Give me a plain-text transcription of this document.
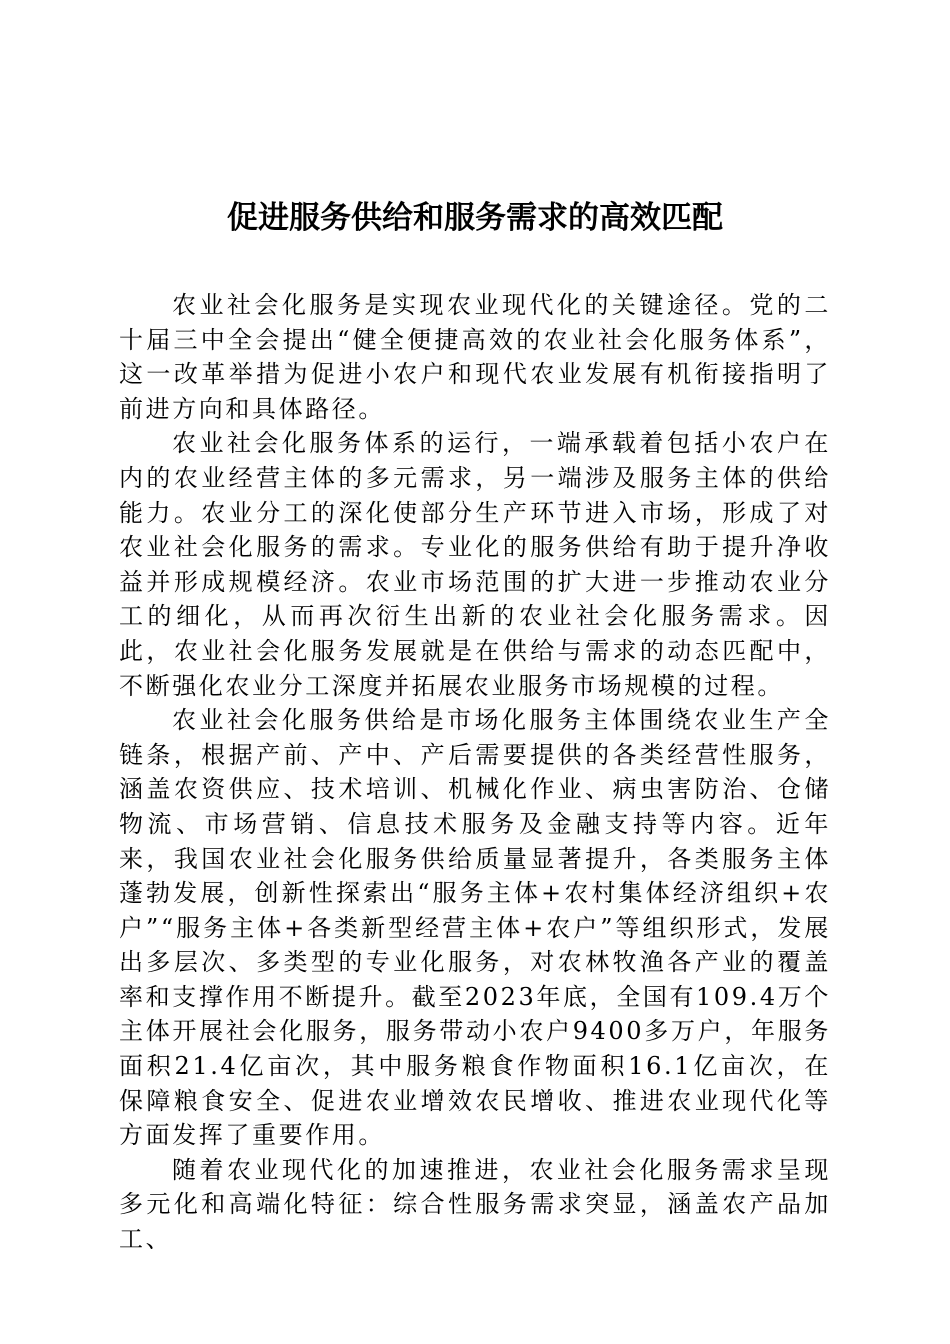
促进服务供给和服务需求的高效匹配

农业社会化服务是实现农业现代化的关键途径。党的二十届三中全会提出“健全便捷高效的农业社会化服务体系”，这一改革举措为促进小农户和现代农业发展有机衔接指明了前进方向和具体路径。

农业社会化服务体系的运行，一端承载着包括小农户在内的农业经营主体的多元需求，另一端涉及服务主体的供给能力。农业分工的深化使部分生产环节进入市场，形成了对农业社会化服务的需求。专业化的服务供给有助于提升净收益并形成规模经济。农业市场范围的扩大进一步推动农业分工的细化，从而再次衍生出新的农业社会化服务需求。因此，农业社会化服务发展就是在供给与需求的动态匹配中，不断强化农业分工深度并拓展农业服务市场规模的过程。

农业社会化服务供给是市场化服务主体围绕农业生产全链条，根据产前、产中、产后需要提供的各类经营性服务，涵盖农资供应、技术培训、机械化作业、病虫害防治、仓储物流、市场营销、信息技术服务及金融支持等内容。近年来，我国农业社会化服务供给质量显著提升，各类服务主体蓬勃发展，创新性探索出“服务主体+农村集体经济组织+农户”“服务主体+各类新型经营主体+农户”等组织形式，发展出多层次、多类型的专业化服务，对农林牧渔各产业的覆盖率和支撑作用不断提升。截至2023年底，全国有109.4万个主体开展社会化服务，服务带动小农户9400多万户，年服务面积21.4亿亩次，其中服务粮食作物面积16.1亿亩次，在保障粮食安全、促进农业增效农民增收、推进农业现代化等方面发挥了重要作用。

随着农业现代化的加速推进，农业社会化服务需求呈现多元化和高端化特征：综合性服务需求突显，涵盖农产品加工、
